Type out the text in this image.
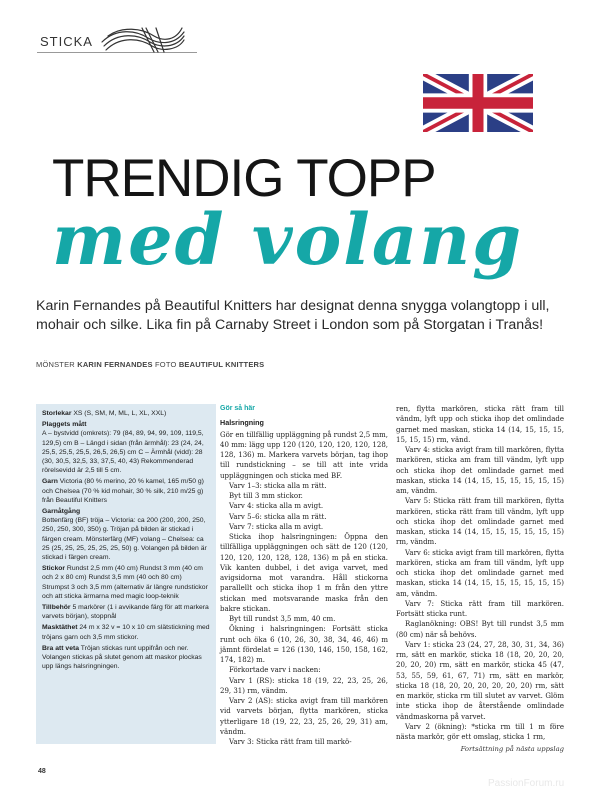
STICKA
TRENDIG TOPP
med volang

Karin Fernandes på Beautiful Knitters har designat denna snygga volangtopp i ull, mohair och silke. Lika fin på Carnaby Street i London som på Storgatan i Tranås!

MÖNSTER KARIN FERNANDES FOTO BEAUTIFUL KNITTERS
Storlekar XS (S, SM, M, ML, L, XL, XXL)
Plaggets mått
A – bystvidd (omkrets): 79 (84, 89, 94, 99, 109, 119,5, 129,5) cm B – Längd i sidan (från ärmhål): 23 (24, 24, 25,5, 25,5, 25,5, 26,5, 26,5) cm C – Ärmhål (vidd): 28 (30, 30,5, 32,5, 33, 37,5, 40, 43) Rekommenderad rörelsevidd är 2,5 till 5 cm.
Garn Victoria (80 % merino, 20 % kamel, 165 m/50 g) och Chelsea (70 % kid mohair, 30 % silk, 210 m/25 g) från Beautiful Knitters
Garnåtgång
Bottenfärg (BF) tröja – Victoria: ca 200 (200, 200, 250, 250, 250, 300, 350) g. Tröjan på bilden är stickad i färgen cream. Mönsterfärg (MF) volang – Chelsea: ca 25 (25, 25, 25, 25, 25, 25, 50) g. Volangen på bilden är stickad i färgen cream.
Stickor Rundst 2,5 mm (40 cm) Rundst 3 mm (40 cm och 2 x 80 cm) Rundst 3,5 mm (40 och 80 cm) Strumpst 3 och 3,5 mm (alternativ är längre rundstickor och att sticka ärmarna med magic loop-teknik
Tillbehör 5 markörer (1 i avvikande färg för att markera varvets början), stoppnål
Masktäthet 24 m x 32 v = 10 x 10 cm slätstickning med tröjans garn och 3,5 mm stickor.
Bra att veta Tröjan stickas runt uppifrån och ner. Volangen stickas på slutet genom att maskor plockas upp längs halsringningen.
Gör så här
Halsringning

Gör en tillfällig uppläggning på rundst 2,5 mm, 40 mm: lägg upp 120 (120, 120, 120, 120, 128, 128, 136) m. Markera varvets början, tag ihop till rundstickning – se till att inte vrida uppläggningen och sticka med BF.

Varv 1–3: sticka alla m rätt.

Byt till 3 mm stickor.

Varv 4: sticka alla m avigt.

Varv 5–6: sticka alla m rätt.

Varv 7: sticka alla m avigt.

Sticka ihop halsringningen: Öppna den tillfälliga uppläggningen och sätt de 120 (120, 120, 120, 120, 128, 128, 136) m på en sticka. Vik kanten dubbel, i det aviga varvet, med avigsidorna mot varandra. Håll stickorna parallellt och sticka ihop 1 m från den yttre stickan med motsvarande maska från den bakre stickan.

Byt till rundst 3,5 mm, 40 cm.

Ökning i halsringningen: Fortsätt sticka runt och öka 6 (10, 26, 30, 38, 34, 46, 46) m jämnt fördelat = 126 (130, 146, 150, 158, 162, 174, 182) m.

Förkortade varv i nacken:

Varv 1 (RS): sticka 18 (19, 22, 23, 25, 26, 29, 31) rm, vändm.

Varv 2 (AS): sticka avigt fram till markören vid varvets början, flytta markören, sticka ytterligare 18 (19, 22, 23, 25, 26, 29, 31) am, vändm.

Varv 3: Sticka rätt fram till markö-

ren, flytta markören, sticka rätt fram till vändm, lyft upp och sticka ihop det omlindade garnet med maskan, sticka 14 (14, 15, 15, 15, 15, 15, 15) rm, vänd.

Varv 4: sticka avigt fram till markören, flytta markören, sticka am fram till vändm, lyft upp och sticka ihop det omlindade garnet med maskan, sticka 14 (14, 15, 15, 15, 15, 15, 15) am, vändm.

Varv 5: Sticka rätt fram till markören, flytta markören, sticka rätt fram till vändm, lyft upp och sticka ihop det omlindade garnet med maskan, sticka 14 (14, 15, 15, 15, 15, 15, 15) rm, vändm.

Varv 6: sticka avigt fram till markören, flytta markören, sticka am fram till vändm, lyft upp och sticka ihop det omlindade garnet med maskan, sticka 14 (14, 15, 15, 15, 15, 15, 15) am, vändm.

Varv 7: Sticka rätt fram till markören. Fortsätt sticka runt.

Raglanökning: OBS! Byt till rundst 3,5 mm (80 cm) när så behövs.

Varv 1: sticka 23 (24, 27, 28, 30, 31, 34, 36) rm, sätt en markör, sticka 18 (18, 20, 20, 20, 20, 20, 20) rm, sätt en markör, sticka 45 (47, 53, 55, 59, 61, 67, 71) rm, sätt en markör, sticka 18 (18, 20, 20, 20, 20, 20, 20) rm, sätt en markör, sticka rm till slutet av varvet. Glöm inte sticka ihop de återstående omlindade vändmaskorna på varvet.

Varv 2 (ökning): *sticka rm till 1 m före nästa markör, gör ett omslag, sticka 1 rm,

Fortsättning på nästa uppslag
48
PassionForum.ru
